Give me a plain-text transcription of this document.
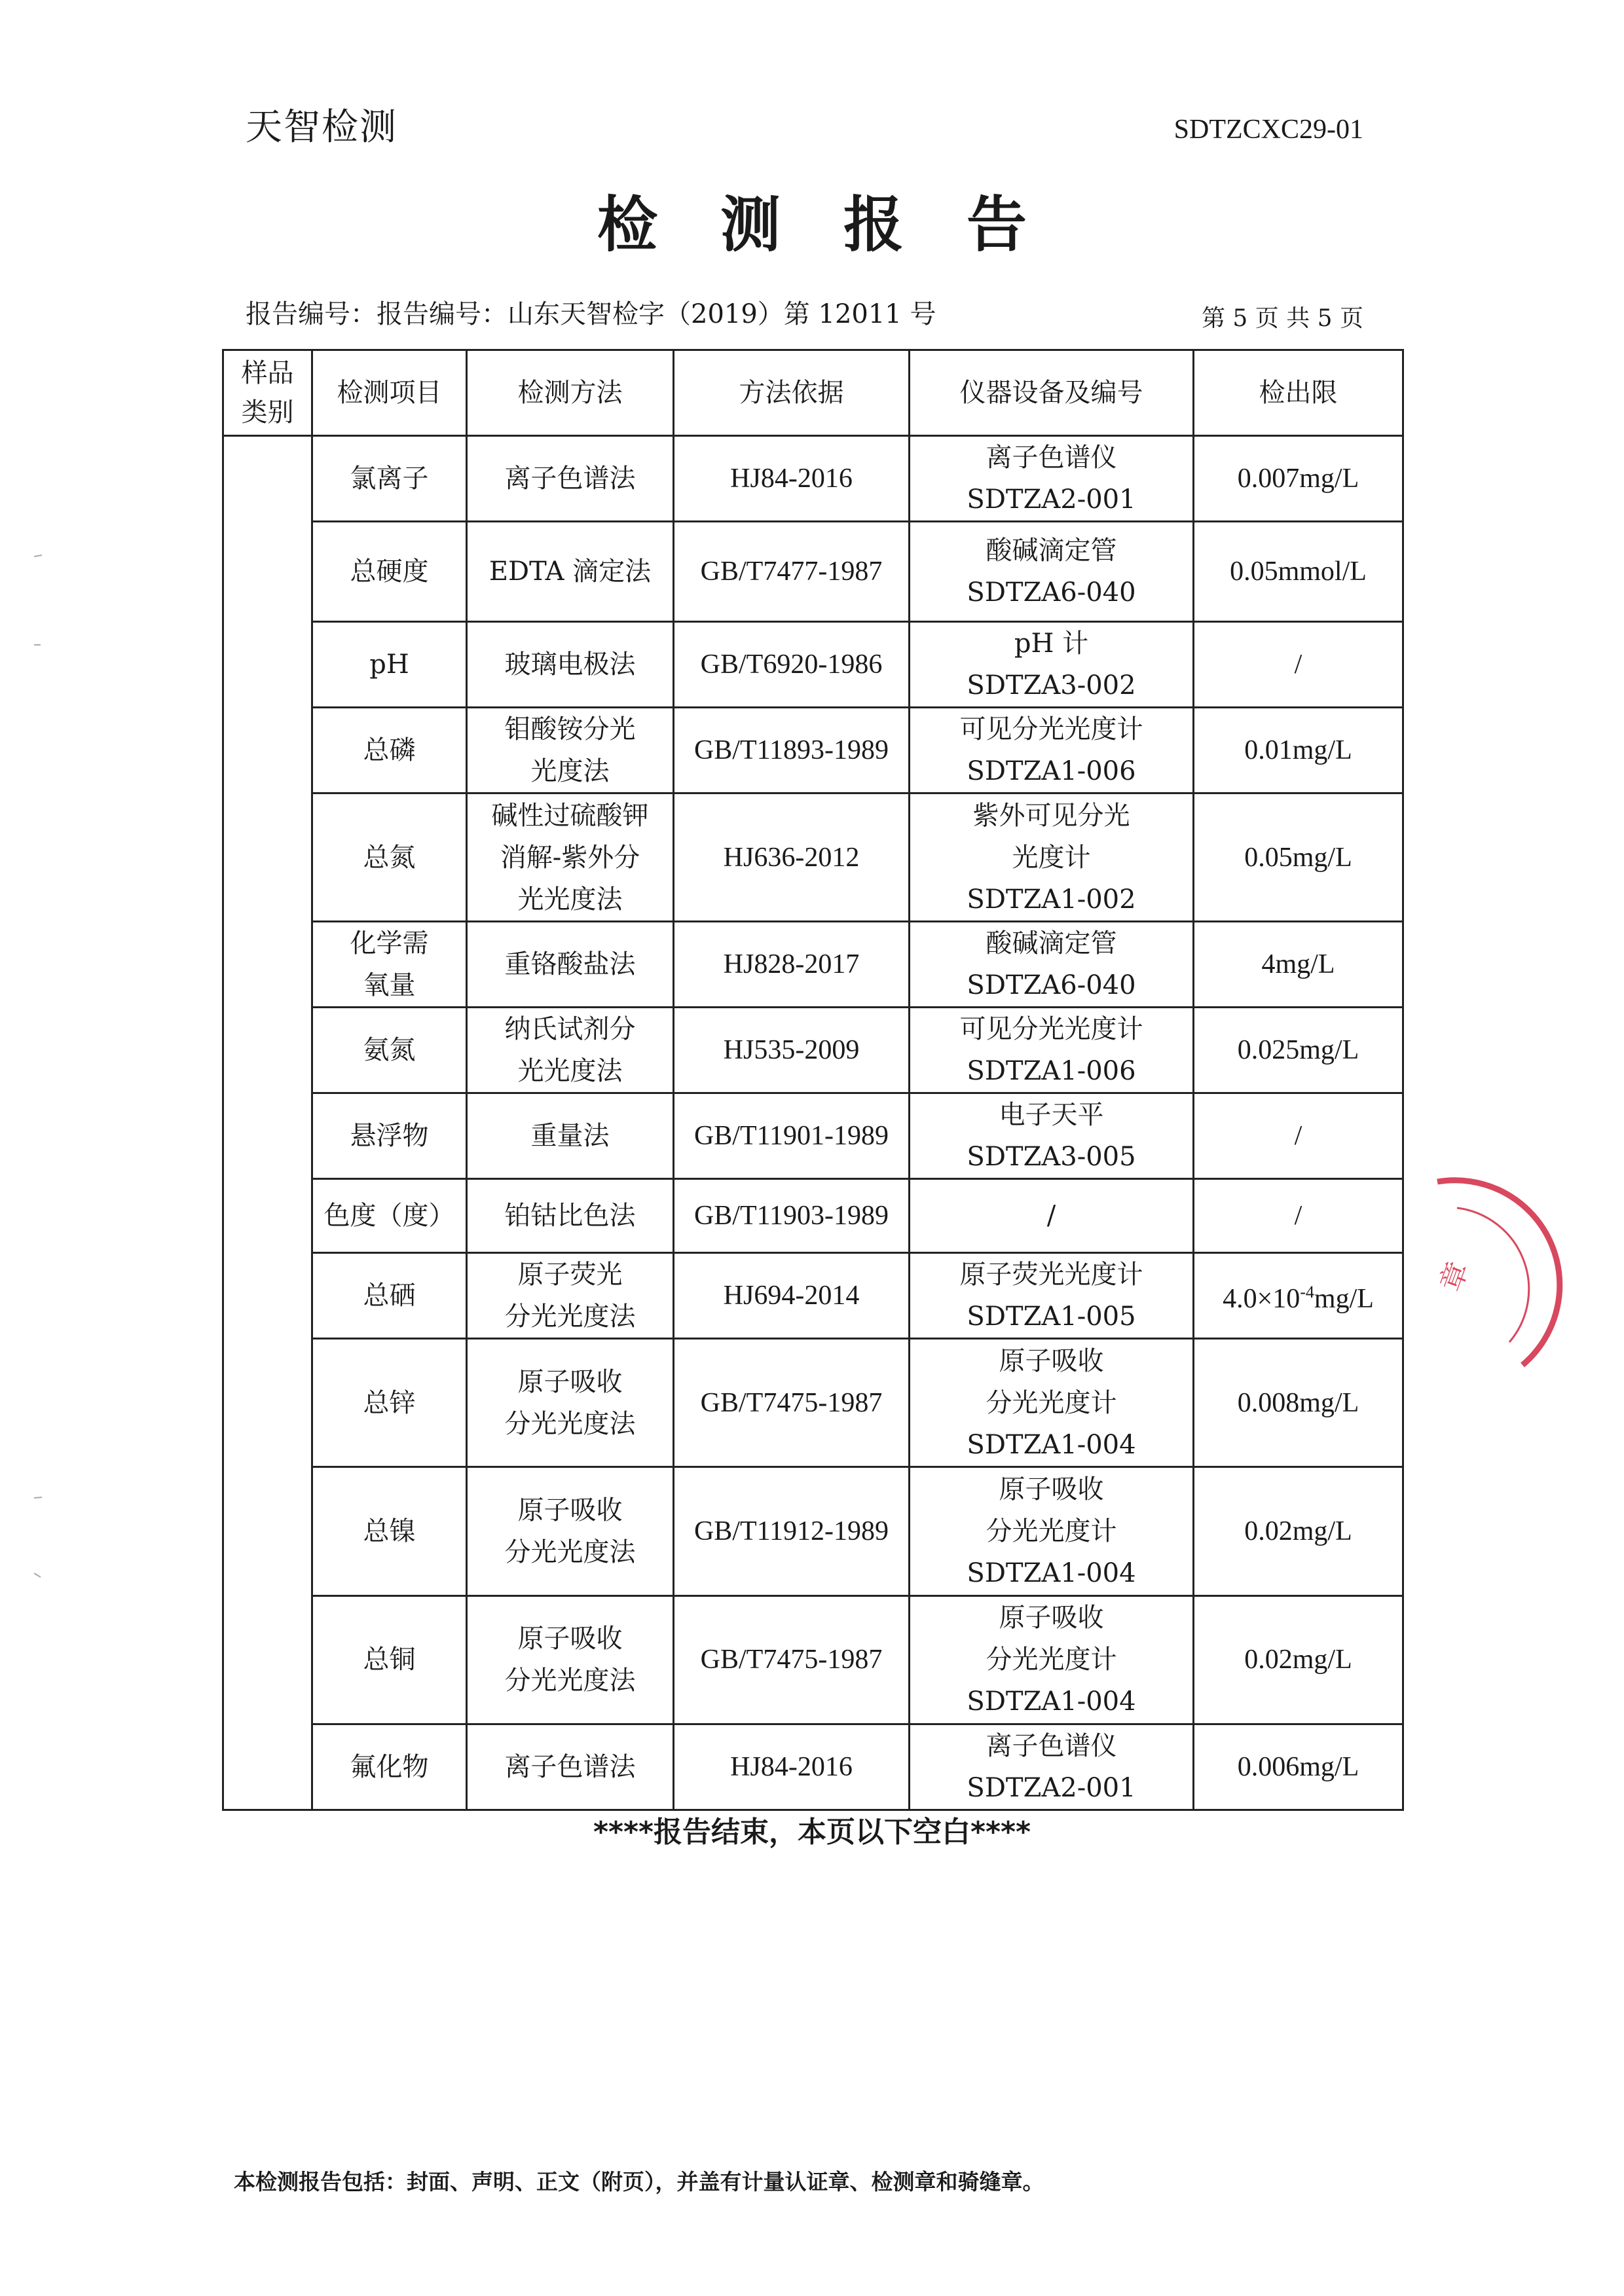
天智检测	SDTZCXC29-01
检测报告
报告编号：报告编号：山东天智检字（2019）第 12011 号	第 5 页 共 5 页
样品类别	检测项目	检测方法	方法依据	仪器设备及编号	检出限
	氯离子	离子色谱法	HJ84-2016	离子色谱仪
SDTZA2-001	0.007mg/L
	总硬度	EDTA 滴定法	GB/T7477-1987	酸碱滴定管
SDTZA6-040	0.05mmol/L
	pH	玻璃电极法	GB/T6920-1986	pH 计
SDTZA3-002	/
	总磷	钼酸铵分光
光度法	GB/T11893-1989	可见分光光度计
SDTZA1-006	0.01mg/L
	总氮	碱性过硫酸钾
消解-紫外分
光光度法	HJ636-2012	紫外可见分光
光度计
SDTZA1-002	0.05mg/L
	化学需
氧量	重铬酸盐法	HJ828-2017	酸碱滴定管
SDTZA6-040	4mg/L
	氨氮	纳氏试剂分
光光度法	HJ535-2009	可见分光光度计
SDTZA1-006	0.025mg/L
	悬浮物	重量法	GB/T11901-1989	电子天平
SDTZA3-005	/
	色度（度）	铂钴比色法	GB/T11903-1989	/	/
	总硒	原子荧光
分光光度法	HJ694-2014	原子荧光光度计
SDTZA1-005	$4.0\times 10^{-4}mg/L$
	总锌	原子吸收
分光光度法	GB/T7475-1987	原子吸收
分光光度计
SDTZA1-004	0.008mg/L
	总镍	原子吸收
分光光度法	GB/T11912-1989	原子吸收
分光光度计
SDTZA1-004	0.02mg/L
	总铜	原子吸收
分光光度法	GB/T7475-1987	原子吸收
分光光度计
SDTZA1-004	0.02mg/L
	氟化物	离子色谱法	HJ84-2016	离子色谱仪
SDTZA2-001	0.006mg/L
****报告结束，本页以下空白****
本检测报告包括：封面、声明、正文（附页），并盖有计量认证章、检测章和骑缝章。
章
